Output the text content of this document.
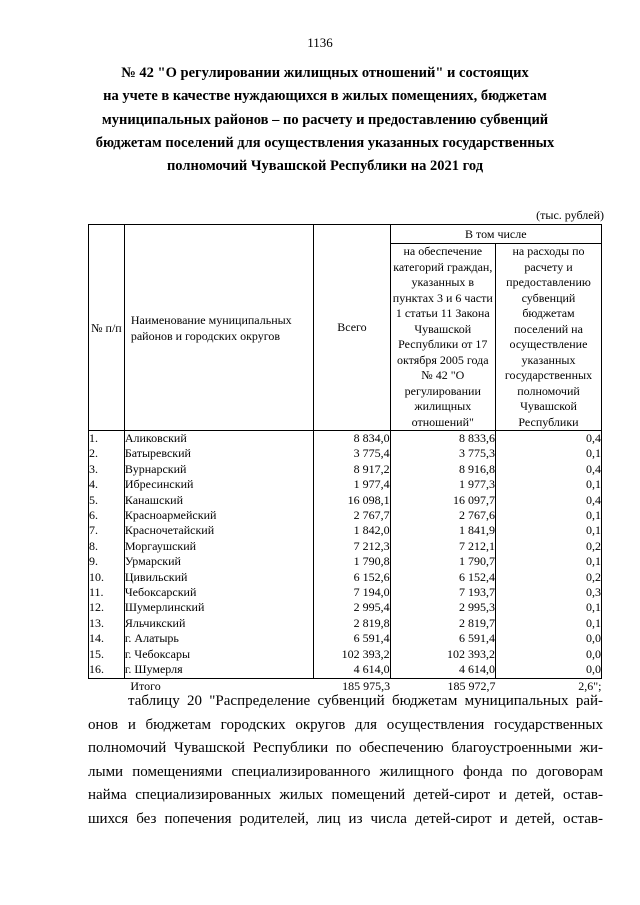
1136
№ 42 "О регулировании жилищных отношений" и состоящих
на учете в качестве нуждающихся в жилых помещениях, бюджетам
муниципальных районов – по расчету и предоставлению субвенций
бюджетам поселений для осуществления указанных государственных
полномочий Чувашской Республики на 2021 год
(тыс. рублей)
№ п/п	Наименование муниципальных районов и городских округов	Всего	В том числе	
			на обеспечение категорий граждан, указанных в пунктах 3 и 6 части 1 статьи 11 Закона Чувашской Республики от 17 октября 2005 года № 42 "О регулировании жилищных отношений"	на расходы по расчету и предоставлению субвенций бюджетам поселений на осуществление указанных государственных полномочий Чувашской Республики
1.	Аликовский	8 834,0	8 833,6	0,4
2.	Батыревский	3 775,4	3 775,3	0,1
3.	Вурнарский	8 917,2	8 916,8	0,4
4.	Ибресинский	1 977,4	1 977,3	0,1
5.	Канашский	16 098,1	16 097,7	0,4
6.	Красноармейский	2 767,7	2 767,6	0,1
7.	Красночетайский	1 842,0	1 841,9	0,1
8.	Моргаушский	7 212,3	7 212,1	0,2
9.	Урмарский	1 790,8	1 790,7	0,1
10.	Цивильский	6 152,6	6 152,4	0,2
11.	Чебоксарский	7 194,0	7 193,7	0,3
12.	Шумерлинский	2 995,4	2 995,3	0,1
13.	Яльчикский	2 819,8	2 819,7	0,1
14.	г. Алатырь	6 591,4	6 591,4	0,0
15.	г. Чебоксары	102 393,2	102 393,2	0,0
16.	г. Шумерля	4 614,0	4 614,0	0,0
	Итого	185 975,3	185 972,7	2,6";
таблицу 20 "Распределение субвенций бюджетам муниципальных рай-
онов и бюджетам городских округов для осуществления государственных
полномочий Чувашской Республики по обеспечению благоустроенными жи-
лыми помещениями специализированного жилищного фонда по договорам
найма специализированных жилых помещений детей-сирот и детей, остав-
шихся без попечения родителей, лиц из числа детей-сирот и детей, остав-
